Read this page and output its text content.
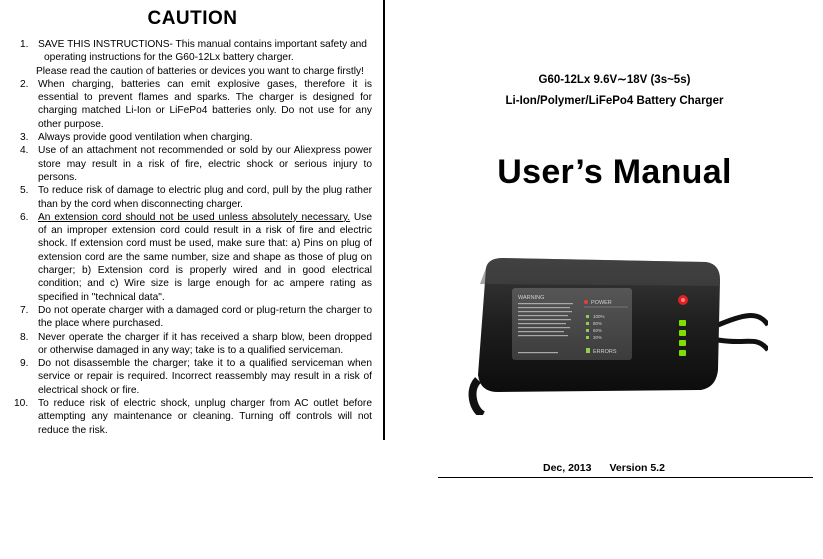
CAUTION
1. SAVE THIS INSTRUCTIONS- This manual contains important safety and
operating instructions for the G60-12Lx battery charger.
Please read the caution of batteries or devices you want to charge firstly!
2. When charging, batteries can emit explosive gases, therefore it is essential to prevent flames and sparks. The charger is designed for charging matched Li-Ion or LiFePo4 batteries only. Do not use for any other purpose.
3. Always provide good ventilation when charging.
4. Use of an attachment not recommended or sold by our Aliexpress power store may result in a risk of fire, electric shock or serious injury to persons.
5. To reduce risk of damage to electric plug and cord, pull by the plug rather than by the cord when disconnecting charger.
6. An extension cord should not be used unless absolutely necessary. Use of an improper extension cord could result in a risk of fire and electric shock. If extension cord must be used, make sure that: a) Pins on plug of extension cord are the same number, size and shape as those of plug on charger; b) Extension cord is properly wired and in good electrical condition; and c) Wire size is large enough for ac ampere rating as specified in "technical data".
7. Do not operate charger with a damaged cord or plug-return the charger to the place where purchased.
8. Never operate the charger if it has received a sharp blow, been dropped or otherwise damaged in any way; take is to a qualified serviceman.
9. Do not disassemble the charger; take it to a qualified serviceman when service or repair is required. Incorrect reassembly may result in a risk of electrical shock or fire.
10. To reduce risk of electric shock, unplug charger from AC outlet before attempting any maintenance or cleaning. Turning off controls will not reduce the risk.
G60-12Lx 9.6V∼18V (3s~5s)
Li-Ion/Polymer/LiFePo4 Battery Charger
User’s Manual
WARNING
POWER
100%
80%
60%
30%
ERRORS
Dec, 2013 Version 5.2
